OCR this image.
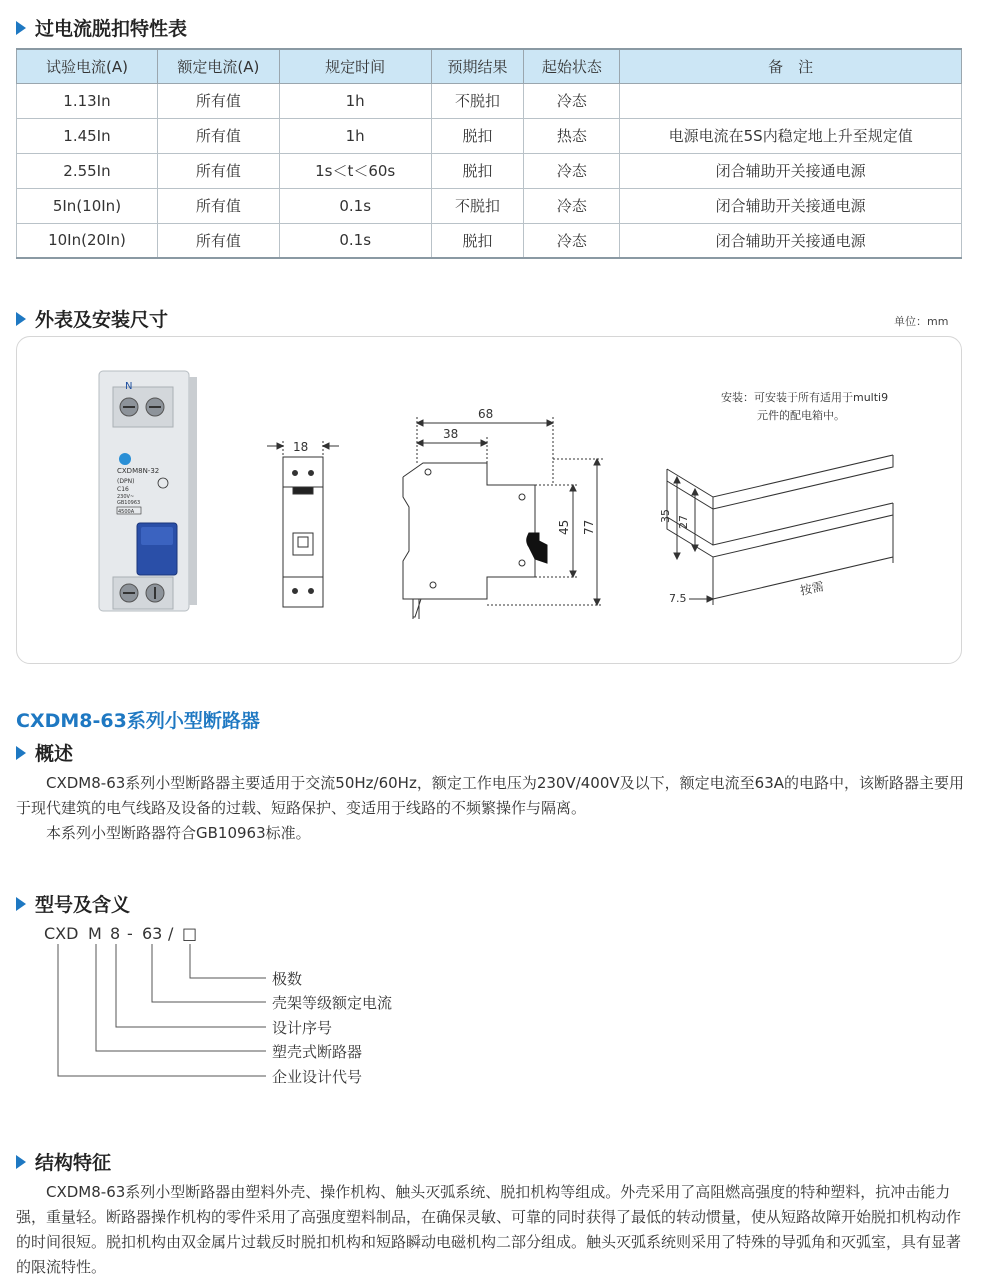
过电流脱扣特性表
试验电流(A)	额定电流(A)	规定时间	预期结果	起始状态	备　注
1.13In	所有值	1h	不脱扣	冷态	
1.45In	所有值	1h	脱扣	热态	电源电流在5S内稳定地上升至规定值
2.55In	所有值	1s＜t＜60s	脱扣	冷态	闭合辅助开关接通电源
5In(10In)	所有值	0.1s	不脱扣	冷态	闭合辅助开关接通电源
10In(20In)	所有值	0.1s	脱扣	冷态	闭合辅助开关接通电源
外表及安装尺寸	单位：mm
N
CXDM8N-32
(DPN)
C16
230V~
GB10963
4500A
18
68
38
45 77
安装：可安装于所有适用于multi9
元件的配电箱中。
35 27
7.5
按需
CXDM8-63系列小型断路器
概述

CXDM8-63系列小型断路器主要适用于交流50Hz/60Hz，额定工作电压为230V/400V及以下，额定电流至63A的电路中，该断路器主要用于现代建筑的电气线路及设备的过载、短路保护、变适用于线路的不频繁操作与隔离。

本系列小型断路器符合GB10963标准。

型号及含义
CXD M 8 - 63 / □
极数
壳架等级额定电流
设计序号
塑壳式断路器
企业设计代号
结构特征

CXDM8-63系列小型断路器由塑料外壳、操作机构、触头灭弧系统、脱扣机构等组成。外壳采用了高阻燃高强度的特种塑料，抗冲击能力强，重量轻。断路器操作机构的零件采用了高强度塑料制品，在确保灵敏、可靠的同时获得了最低的转动惯量，使从短路故障开始脱扣机构动作的时间很短。脱扣机构由双金属片过载反时脱扣机构和短路瞬动电磁机构二部分组成。触头灭弧系统则采用了特殊的导弧角和灭弧室，具有显著的限流特性。
